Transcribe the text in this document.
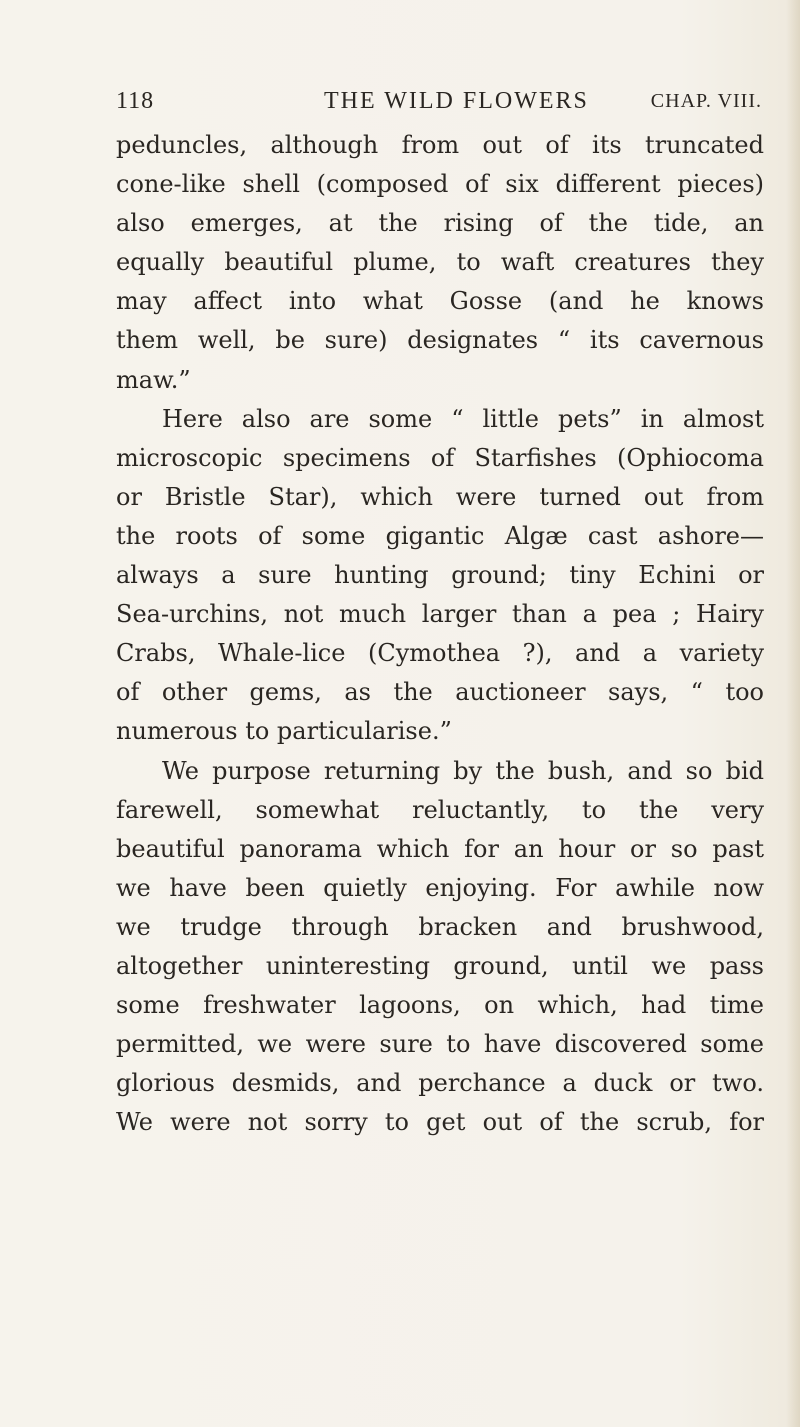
118	THE WILD FLOWERS	CHAP. VIII.
peduncles, although from out of its truncated
cone-like shell (composed of six different pieces)
also emerges, at the rising of the tide, an
equally beautiful plume, to waft creatures they
may affect into what Gosse (and he knows
them well, be sure) designates “ its cavernous
maw.”
Here also are some “ little pets” in almost
microscopic specimens of Starfishes (Ophiocoma
or Bristle Star), which were turned out from
the roots of some gigantic Algæ cast ashore—
always a sure hunting ground; tiny Echini or
Sea-urchins, not much larger than a pea ; Hairy
Crabs, Whale-lice (Cymothea ?), and a variety
of other gems, as the auctioneer says, “ too
numerous to particularise.”
We purpose returning by the bush, and so bid
farewell, somewhat reluctantly, to the very
beautiful panorama which for an hour or so past
we have been quietly enjoying. For awhile now
we trudge through bracken and brushwood,
altogether uninteresting ground, until we pass
some freshwater lagoons, on which, had time
permitted, we were sure to have discovered some
glorious desmids, and perchance a duck or two.
We were not sorry to get out of the scrub, for
